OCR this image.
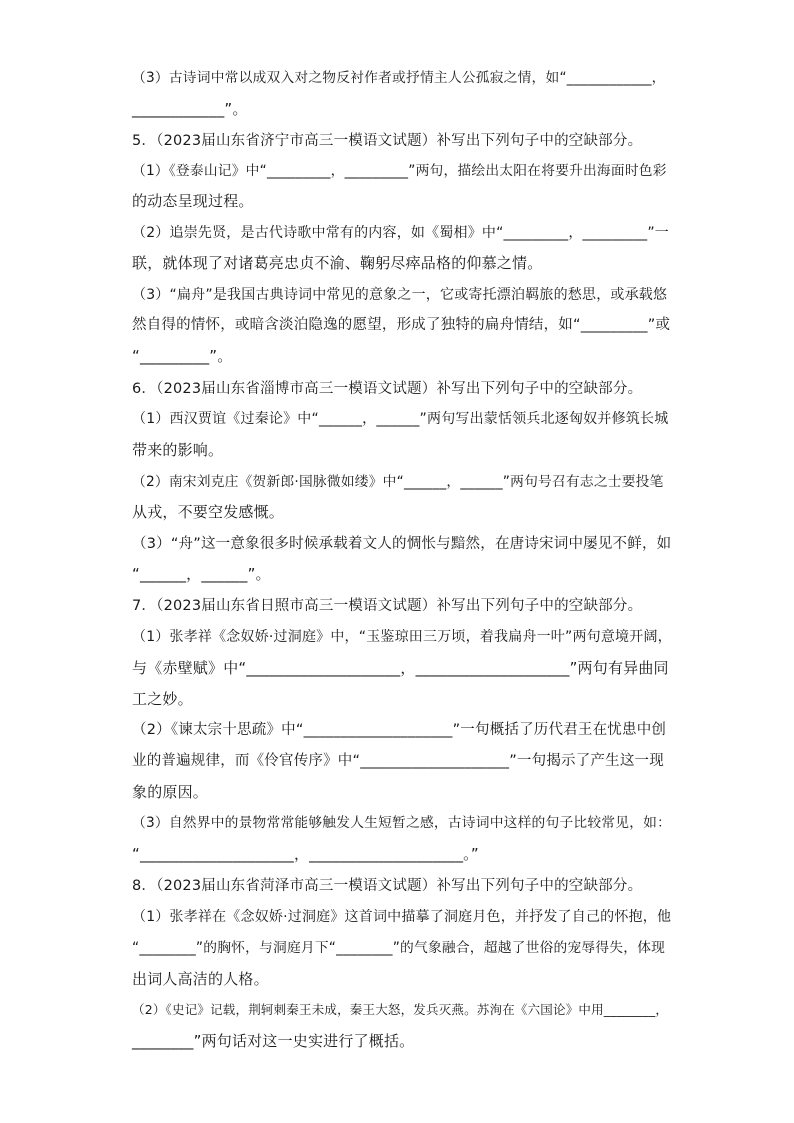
（3）古诗词中常以成双入对之物反衬作者或抒情主人公孤寂之情，如“____________，
____________”。
5．（2023届山东省济宁市高三一模语文试题）补写出下列句子中的空缺部分。
（1）《登泰山记》中“_________，_________”两句，描绘出太阳在将要升出海面时色彩
的动态呈现过程。
（2）追崇先贤，是古代诗歌中常有的内容，如《蜀相》中“_________，_________”一
联，就体现了对诸葛亮忠贞不渝、鞠躬尽瘁品格的仰慕之情。
（3）“扁舟”是我国古典诗词中常见的意象之一，它或寄托漂泊羁旅的愁思，或承载悠
然自得的情怀，或暗含淡泊隐逸的愿望，形成了独特的扁舟情结，如“_________”或
“_________”。
6．（2023届山东省淄博市高三一模语文试题）补写出下列句子中的空缺部分。
（1）西汉贾谊《过秦论》中“______，______”两句写出蒙恬领兵北逐匈奴并修筑长城
带来的影响。
（2）南宋刘克庄《贺新郎·国脉微如缕》中“______，______”两句号召有志之士要投笔
从戎，不要空发感慨。
（3）“舟”这一意象很多时候承载着文人的惆怅与黯然，在唐诗宋词中屡见不鲜，如
“______，______”。
7．（2023届山东省日照市高三一模语文试题）补写出下列句子中的空缺部分。
（1）张孝祥《念奴娇·过洞庭》中，“玉鉴琼田三万顷，着我扁舟一叶”两句意境开阔，
与《赤壁赋》中“____________________，____________________”两句有异曲同
工之妙。
（2）《谏太宗十思疏》中“____________________”一句概括了历代君王在忧患中创
业的普遍规律，而《伶官传序》中“____________________”一句揭示了产生这一现
象的原因。
（3）自然界中的景物常常能够触发人生短暂之感，古诗词中这样的句子比较常见，如：
“____________________，____________________。”
8．（2023届山东省菏泽市高三一模语文试题）补写出下列句子中的空缺部分。
（1）张孝祥在《念奴娇·过洞庭》这首词中描摹了洞庭月色，并抒发了自己的怀抱，他
“________”的胸怀，与洞庭月下“________”的气象融合，超越了世俗的宠辱得失，体现
出词人高洁的人格。
（2）《史记》记载，荆轲刺秦王未成，秦王大怒，发兵灭燕。苏洵在《六国论》中用________，
________”两句话对这一史实进行了概括。
